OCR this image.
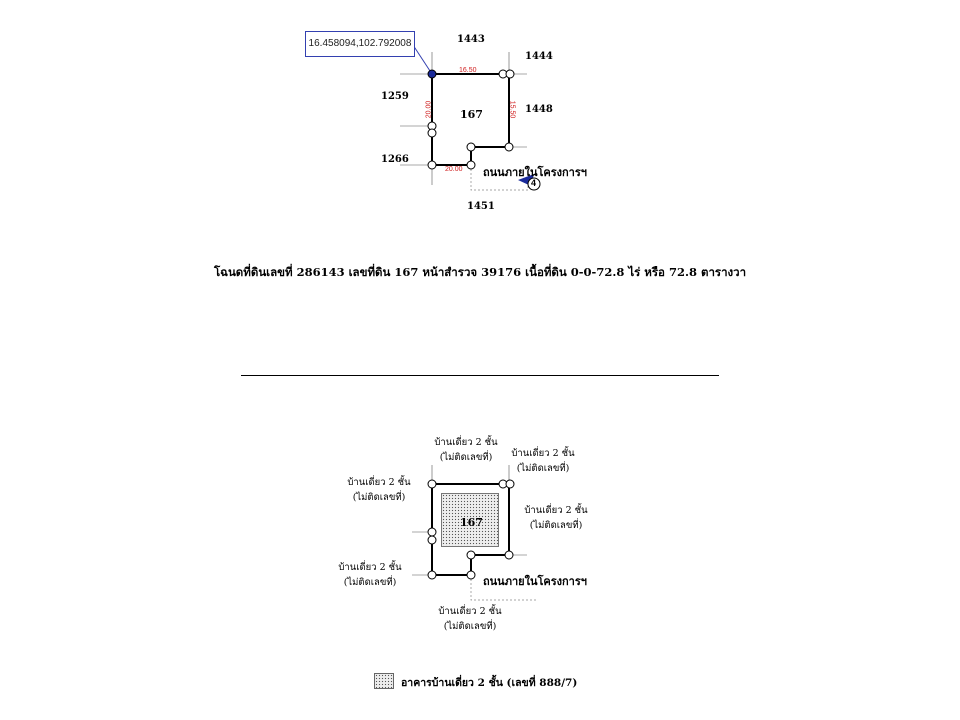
16.458094,102.792008	1443
1444
1448
1259
1266
1451
167
16.50
15.50
20.00
20.00 ถนนภายในโครงการฯ
4
โฉนดที่ดินเลขที่ 286143 เลขที่ดิน 167 หน้าสำรวจ 39176 เนื้อที่ดิน 0-0-72.8 ไร่ หรือ 72.8 ตารางวา
167
ถนนภายในโครงการฯ
บ้านเดี่ยว 2 ชั้น
(ไม่ติดเลขที่)	บ้านเดี่ยว 2 ชั้น
(ไม่ติดเลขที่)
บ้านเดี่ยว 2 ชั้น
(ไม่ติดเลขที่)
บ้านเดี่ยว 2 ชั้น
(ไม่ติดเลขที่)
บ้านเดี่ยว 2 ชั้น
(ไม่ติดเลขที่)
บ้านเดี่ยว 2 ชั้น
(ไม่ติดเลขที่)
อาคารบ้านเดี่ยว 2 ชั้น (เลขที่ 888/7)
